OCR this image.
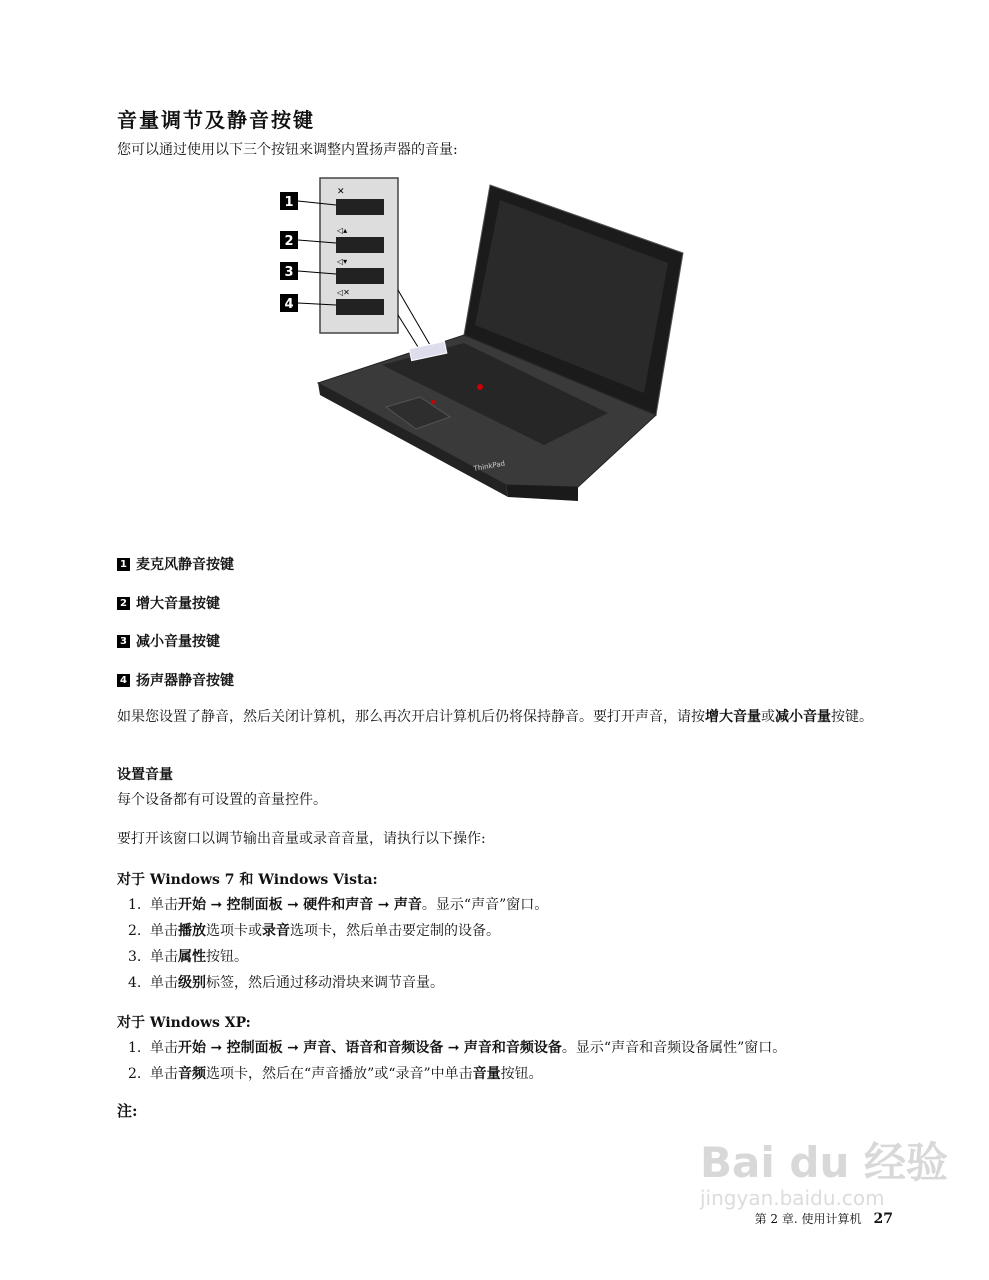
音量调节及静音按键
您可以通过使用以下三个按钮来调整内置扬声器的音量:
✕
◁▴
◁▾
◁✕
1
2
3
4
ThinkPad
1 麦克风静音按键
2 增大音量按键
3 减小音量按键
4 扬声器静音按键
如果您设置了静音，然后关闭计算机，那么再次开启计算机后仍将保持静音。要打开声音，请按增大音量或减小音量按键。
设置音量
每个设备都有可设置的音量控件。
要打开该窗口以调节输出音量或录音音量，请执行以下操作:
对于 Windows 7 和 Windows Vista:
1. 单击开始 ➞ 控制面板 ➞ 硬件和声音 ➞ 声音。显示“声音”窗口。
2. 单击播放选项卡或录音选项卡，然后单击要定制的设备。
3. 单击属性按钮。
4. 单击级别标签，然后通过移动滑块来调节音量。
对于 Windows XP:
1. 单击开始 ➞ 控制面板 ➞ 声音、语音和音频设备 ➞ 声音和音频设备。显示“声音和音频设备属性”窗口。
2. 单击音频选项卡，然后在“声音播放”或“录音”中单击音量按钮。
注:
Bai du 经验
jingyan.baidu.com
第 2 章. 使用计算机 27
